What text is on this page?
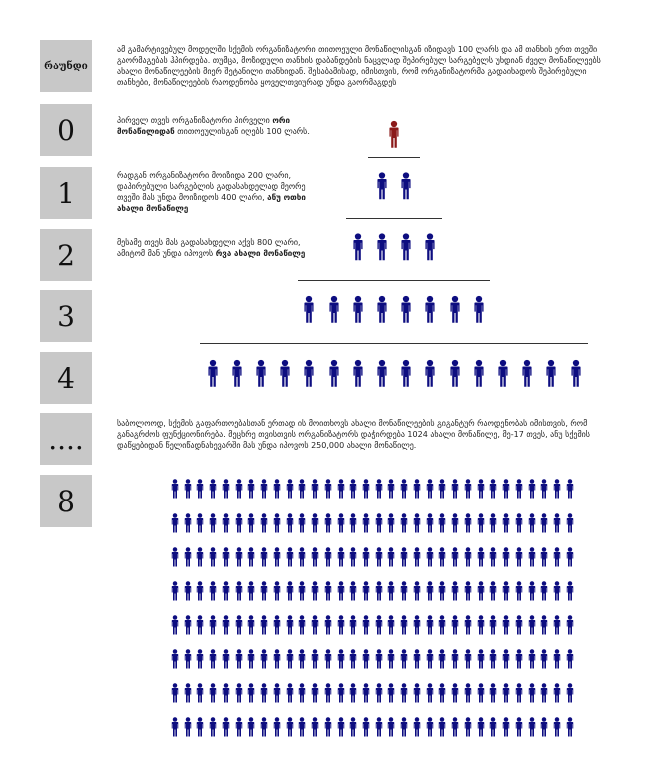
რაუნდი
0
1
2
3
4
....
8
ამ გამარტივებულ მოდელში სქემის ორგანიზატორი თითოეული მონაწილისგან იზიდავს 100 ლარს და ამ თანხის ერთ თვეში გაორმაგებას ჰპირდება. თუმცა, მოზიდული თანხის დაბანდების ნაცვლად შეპირებულ სარგებელს უხდიან ძველ მონაწილეებს ახალი მონაწილეების მიერ შეტანილი თანხიდან. შესაბამისად, იმისთვის, რომ ორგანიზატორმა გადაიხადოს შეპირებული თანხები, მონაწილეების რაოდენობა ყოველთვიურად უნდა გაორმაგდეს
პირველ თვეს ორგანიზატორი პირველი ორი მონაწილიდან თითოეულისგან იღებს 100 ლარს.
რადგან ორგანიზატორი მოიზიდა 200 ლარი, დაპირებული სარგებლის გადასახდელად მეორე თვეში მას უნდა მოიზიდოს 400 ლარი, ანუ ოთხი ახალი მონაწილე
მესამე თვეს მას გადასახდელი აქვს 800 ლარი, ამიტომ მან უნდა იპოვოს რვა ახალი მონაწილე
საბოლოოდ, სქემის გაფართოებასთან ერთად ის მოითხოვს ახალი მონაწილეების გიგანტურ რაოდენობას იმისთვის, რომ განაგრძოს ფუნქციონირება. მეცხრე თვისთვის ორგანიზატორს დაჭირდება 1024 ახალი მონაწილე, მე-17 თვეს, ანუ სქემის დაწყებიდან წელიწადნახევარში მას უნდა იპოვოს 250,000 ახალი მონაწილე.
